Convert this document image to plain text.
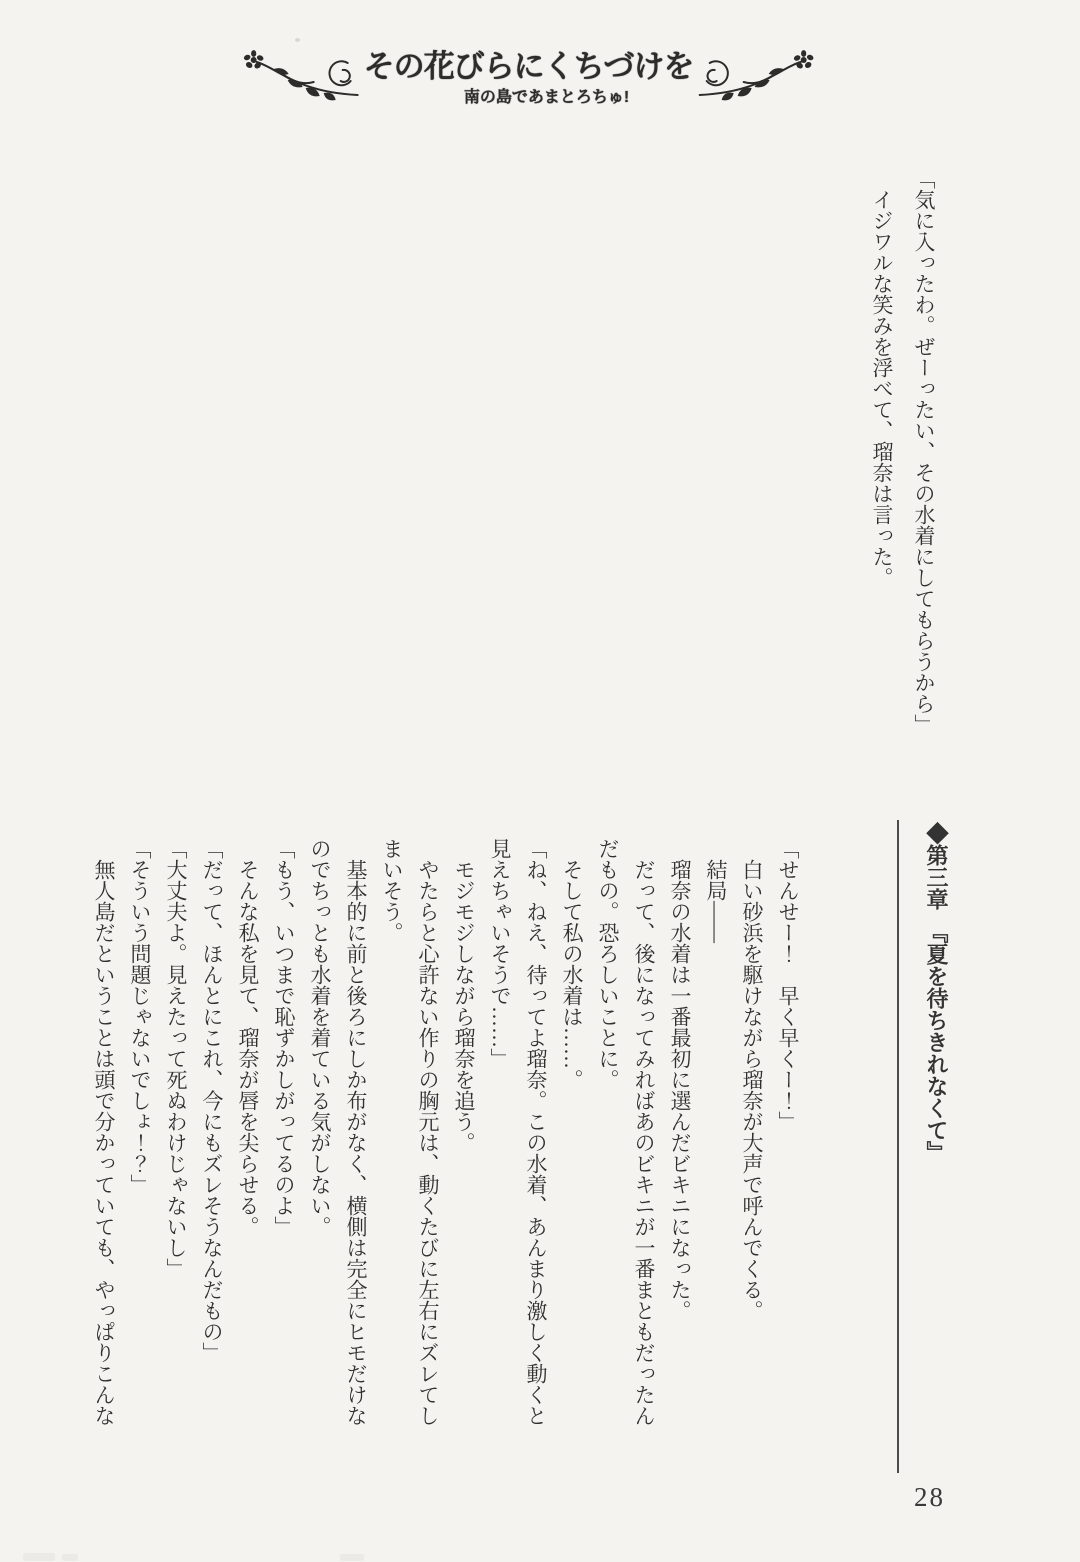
その花びらにくちづけを
南の島であまとろちゅ!

「気に入ったわ。ぜーったい、その水着にしてもらうから」

イジワルな笑みを浮べて、瑠奈は言った。

◆第三章　『夏を待ちきれなくて』

「せんせー！　早く早くー！」

白い砂浜を駆けながら瑠奈が大声で呼んでくる。

結局――

瑠奈の水着は一番最初に選んだビキニになった。

だって、後になってみればあのビキニが一番まともだったん

だもの。恐ろしいことに。

そして私の水着は……。

「ね、ねえ、待ってよ瑠奈。この水着、あんまり激しく動くと

見えちゃいそうで……」

モジモジしながら瑠奈を追う。

やたらと心許ない作りの胸元は、動くたびに左右にズレてし

まいそう。

基本的に前と後ろにしか布がなく、横側は完全にヒモだけな

のでちっとも水着を着ている気がしない。

「もう、いつまで恥ずかしがってるのよ」

そんな私を見て、瑠奈が唇を尖らせる。

「だって、ほんとにこれ、今にもズレそうなんだもの」

「大丈夫よ。見えたって死ぬわけじゃないし」

「そういう問題じゃないでしょ！？」

無人島だということは頭で分かっていても、やっぱりこんな

28
